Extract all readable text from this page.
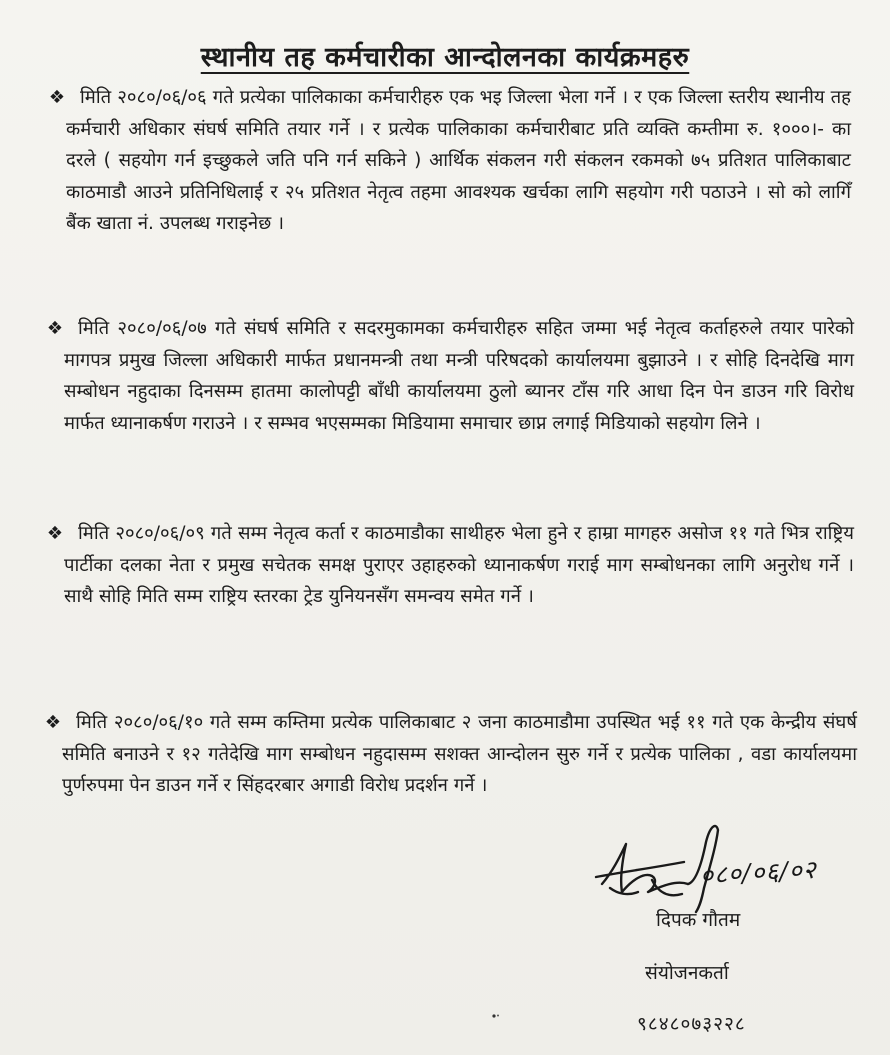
स्थानीय तह कर्मचारीका आन्दोलनका कार्यक्रमहरु

❖ मिति २०८०/०६/०६ गते प्रत्येका पालिकाका कर्मचारीहरु एक भइ जिल्ला भेला गर्ने । र एक जिल्ला स्तरीय स्थानीय तह कर्मचारी अधिकार संघर्ष समिति तयार गर्ने । र प्रत्येक पालिकाका कर्मचारीबाट प्रति व्यक्ति कम्तीमा रु. १०००।- का दरले ( सहयोग गर्न इच्छुकले जति पनि गर्न सकिने ) आर्थिक संकलन गरी संकलन रकमको ७५ प्रतिशत पालिकाबाट काठमाडौ आउने प्रतिनिधिलाई र २५ प्रतिशत नेतृत्व तहमा आवश्यक खर्चका लागि सहयोग गरी पठाउने । सो को लागिँ बैंक खाता नं. उपलब्ध गराइनेछ ।

❖ मिति २०८०/०६/०७ गते संघर्ष समिति र सदरमुकामका कर्मचारीहरु सहित जम्मा भई नेतृत्व कर्ताहरुले तयार पारेको मागपत्र प्रमुख जिल्ला अधिकारी मार्फत प्रधानमन्त्री तथा मन्त्री परिषदको कार्यालयमा बुझाउने । र सोहि दिनदेखि माग सम्बोधन नहुदाका दिनसम्म हातमा कालोपट्टी बाँधी कार्यालयमा ठुलो ब्यानर टाँस गरि आधा दिन पेन डाउन गरि विरोध मार्फत ध्यानाकर्षण गराउने । र सम्भव भएसम्मका मिडियामा समाचार छाप्न लगाई मिडियाको सहयोग लिने ।

❖ मिति २०८०/०६/०९ गते सम्म नेतृत्व कर्ता र काठमाडौका साथीहरु भेला हुने र हाम्रा मागहरु असोज ११ गते भित्र राष्ट्रिय पार्टीका दलका नेता र प्रमुख सचेतक समक्ष पुराएर उहाहरुको ध्यानाकर्षण गराई माग सम्बोधनका लागि अनुरोध गर्ने । साथै सोहि मिति सम्म राष्ट्रिय स्तरका ट्रेड युनियनसँग समन्वय समेत गर्ने ।

❖ मिति २०८०/०६/१० गते सम्म कम्तिमा प्रत्येक पालिकाबाट २ जना काठमाडौमा उपस्थित भई ११ गते एक केन्द्रीय संघर्ष समिति बनाउने र १२ गतेदेखि माग सम्बोधन नहुदासम्म सशक्त आन्दोलन सुरु गर्ने र प्रत्येक पालिका , वडा कार्यालयमा पुर्णरुपमा पेन डाउन गर्ने र सिंहदरबार अगाडी विरोध प्रदर्शन गर्ने ।

०८०/०६/०२

दिपक गौतम

संयोजनकर्ता

९८४८०७३२२८
